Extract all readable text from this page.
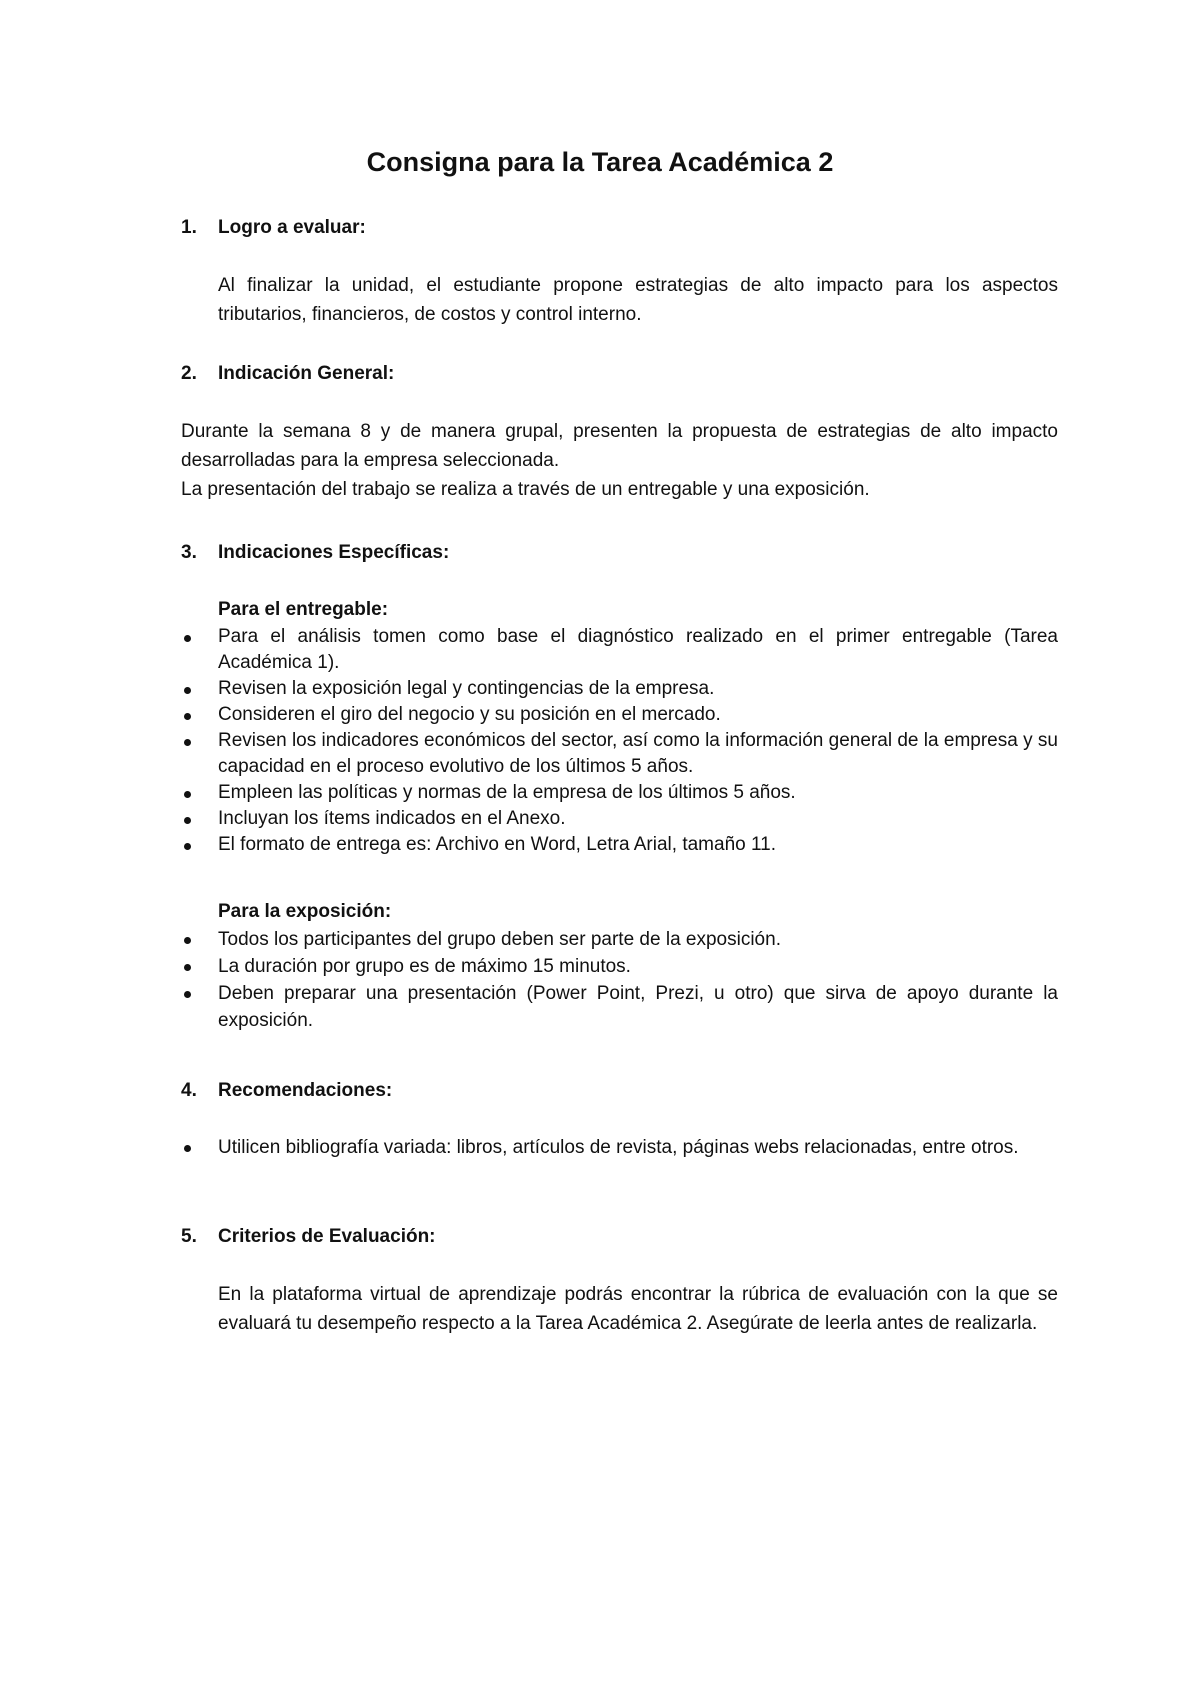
Consigna para la Tarea Académica 2
1. Logro a evaluar:

Al finalizar la unidad, el estudiante propone estrategias de alto impacto para los aspectos tributarios, financieros, de costos y control interno.

2. Indicación General:

Durante la semana 8 y de manera grupal, presenten la propuesta de estrategias de alto impacto desarrolladas para la empresa seleccionada.

La presentación del trabajo se realiza a través de un entregable y una exposición.

3. Indicaciones Específicas:
Para el entregable:
Para el análisis tomen como base el diagnóstico realizado en el primer entregable (Tarea Académica 1).
Revisen la exposición legal y contingencias de la empresa.
Consideren el giro del negocio y su posición en el mercado.
Revisen los indicadores económicos del sector, así como la información general de la empresa y su capacidad en el proceso evolutivo de los últimos 5 años.
Empleen las políticas y normas de la empresa de los últimos 5 años.
Incluyan los ítems indicados en el Anexo.
El formato de entrega es: Archivo en Word, Letra Arial, tamaño 11.
Para la exposición:
Todos los participantes del grupo deben ser parte de la exposición.
La duración por grupo es de máximo 15 minutos.
Deben preparar una presentación (Power Point, Prezi, u otro) que sirva de apoyo durante la exposición.
4. Recomendaciones:
Utilicen bibliografía variada: libros, artículos de revista, páginas webs relacionadas, entre otros.
5. Criterios de Evaluación:

En la plataforma virtual de aprendizaje podrás encontrar la rúbrica de evaluación con la que se evaluará tu desempeño respecto a la Tarea Académica 2. Asegúrate de leerla antes de realizarla.
